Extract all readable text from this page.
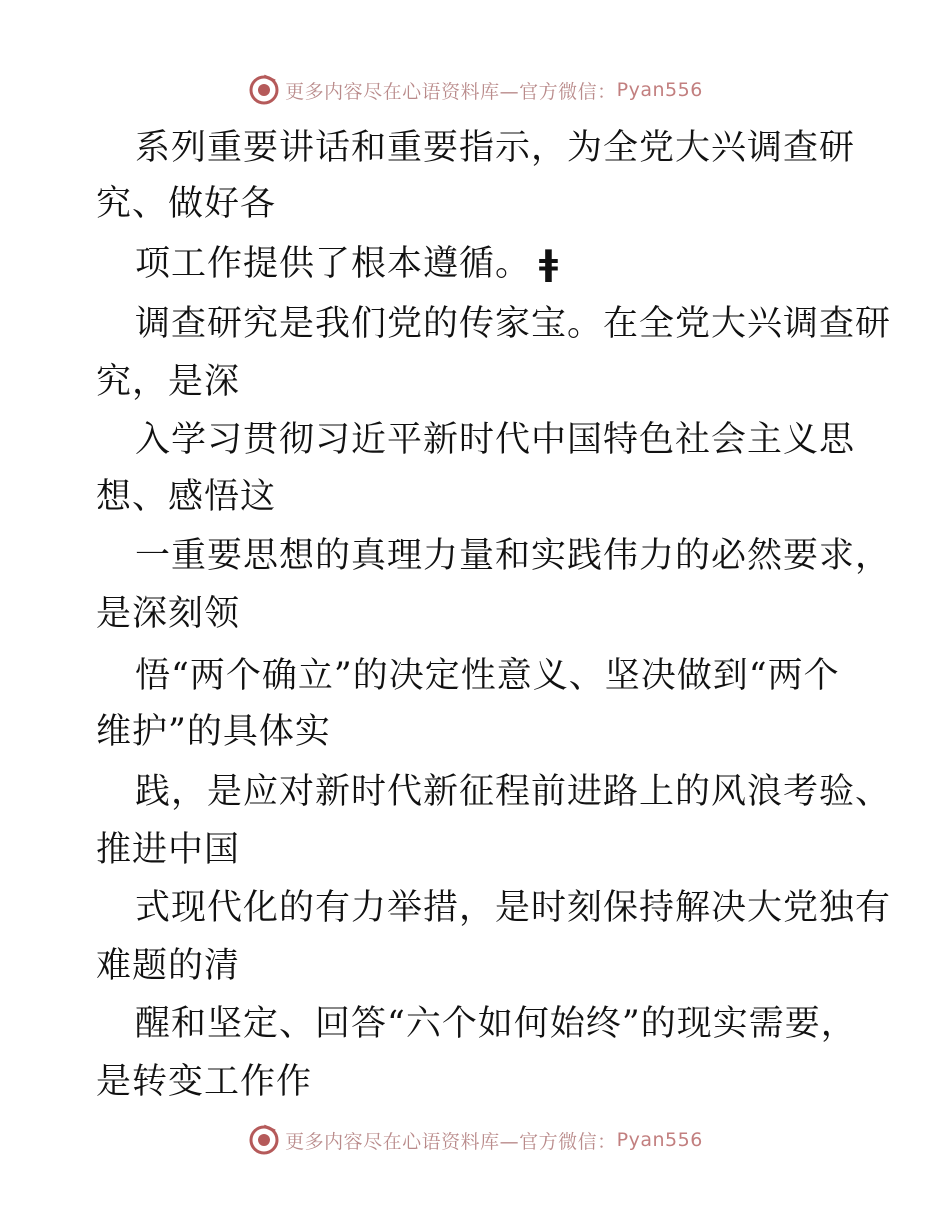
更多内容尽在心语资料库—官方微信： Pyan556
系列重要讲话和重要指示，为全党大兴调查研
究、做好各
项工作提供了根本遵循。 ǂ
调查研究是我们党的传家宝。在全党大兴调查研
究，是深
入学习贯彻习近平新时代中国特色社会主义思
想、感悟这
一重要思想的真理力量和实践伟力的必然要求，
是深刻领
悟“两个确立”的决定性意义、坚决做到“两个
维护”的具体实
践，是应对新时代新征程前进路上的风浪考验、
推进中国
式现代化的有力举措，是时刻保持解决大党独有
难题的清
醒和坚定、回答“六个如何始终”的现实需要，
是转变工作作
更多内容尽在心语资料库—官方微信： Pyan556
